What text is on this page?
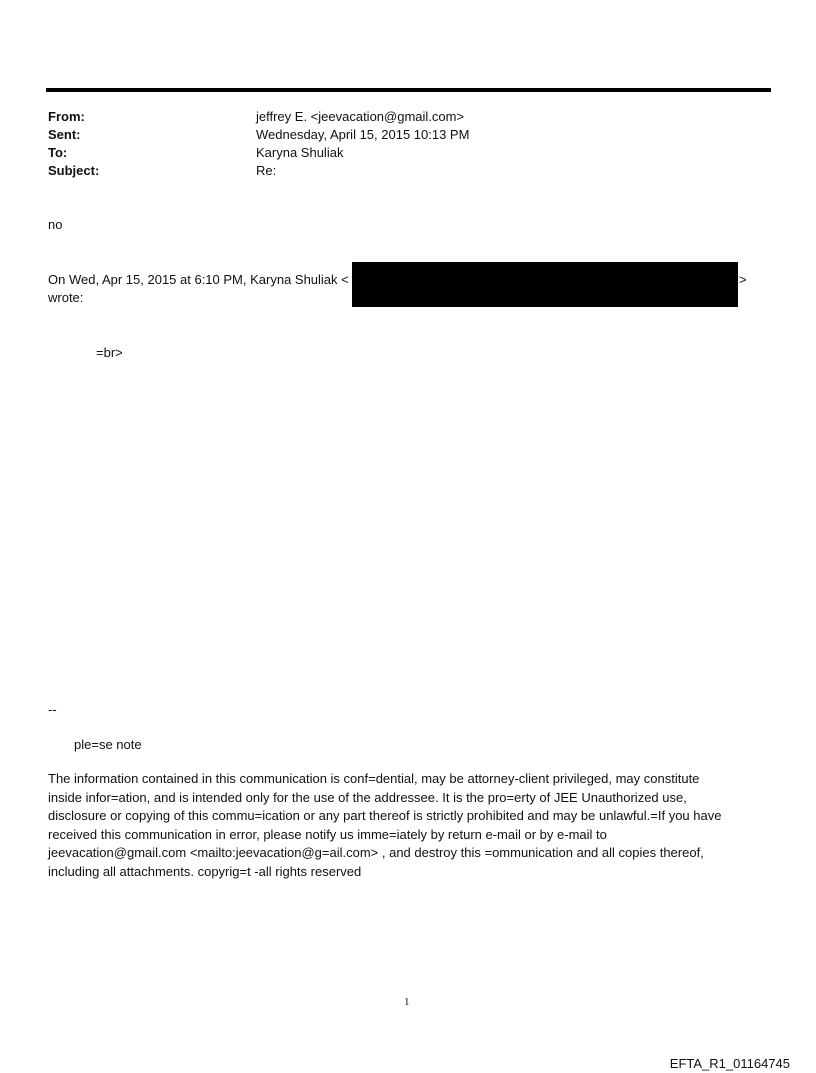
From:	jeffrey E. <jeevacation@gmail.com>
Sent:	Wednesday, April 15, 2015 10:13 PM
To:	Karyna Shuliak
Subject:	Re:
no
On Wed, Apr 15, 2015 at 6:10 PM, Karyna Shuliak <	>
wrote:
=br>
--
ple=se note
The information contained in this communication is conf=dential, may be attorney-client privileged, may constitute
inside infor=ation, and is intended only for the use of the addressee. It is the pro=erty of JEE Unauthorized use,
disclosure or copying of this commu=ication or any part thereof is strictly prohibited and may be unlawful.=If you have
received this communication in error, please notify us imme=iately by return e-mail or by e-mail to
jeevacation@gmail.com <mailto:jeevacation@g=ail.com> , and destroy this =ommunication and all copies thereof,
including all attachments. copyrig=t -all rights reserved
1
EFTA_R1_01164745
